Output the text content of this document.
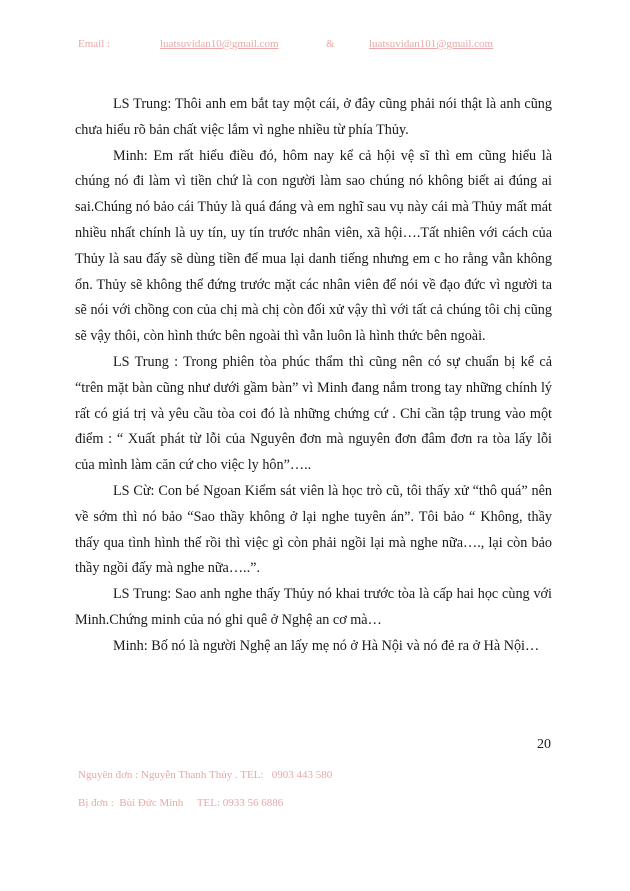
Email :	luatsuvidan10@gmail.com	&	luatsuvidan101@gmail.com

LS Trung: Thôi anh em bắt tay một cái, ở đây cũng phải nói thật là anh cũng chưa hiểu rõ bản chất việc lắm vì nghe nhiều từ phía Thủy.

Minh: Em rất hiểu điều đó, hôm nay kể cả hội vệ sĩ thì em cũng hiểu là chúng nó đi làm vì tiền chứ là con người làm sao chúng nó không biết ai đúng ai sai.Chúng nó bảo cái Thủy là quá đáng và em nghĩ sau vụ này cái mà Thủy mất mát nhiều nhất chính là uy tín, uy tín trước nhân viên, xã hội….Tất nhiên với cách của Thủy là sau đấy sẽ dùng tiền để mua lại danh tiếng nhưng em c ho rằng vẫn không ổn. Thủy sẽ không thể đứng trước mặt các nhân viên để nói về đạo đức vì người ta sẽ nói với chồng con của chị mà chị còn đối xử vậy thì với tất cả chúng tôi chị cũng sẽ vậy thôi, còn hình thức bên ngoài thì vẫn luôn là hình thức bên ngoài.

LS Trung : Trong phiên tòa phúc thẩm thì cũng nên có sự chuẩn bị kể cả “trên mặt bàn cũng như dưới gầm bàn” vì Minh đang nắm trong tay những chính lý rất có giá trị và yêu cầu tòa coi đó là những chứng cứ . Chỉ cần tập trung vào một điểm : “ Xuất phát từ lỗi của Nguyên đơn mà nguyên đơn đâm đơn ra tòa lấy lỗi của mình làm căn cứ cho việc ly hôn”…..

LS Cừ: Con bé Ngoan Kiểm sát viên là học trò cũ, tôi thấy xử “thô quá” nên về sớm thì nó bảo “Sao thầy không ở lại nghe tuyên án”. Tôi bảo “ Không, thầy thấy qua tình hình thế rồi thì việc gì còn phải ngồi lại mà nghe nữa…., lại còn bảo thầy ngồi đấy mà nghe nữa…..”.

LS Trung: Sao anh nghe thấy Thủy nó khai trước tòa là cấp hai học cùng với Minh.Chứng minh của nó ghi quê ở Nghệ an cơ mà…

Minh: Bố nó là người Nghệ an lấy mẹ nó ở Hà Nội và nó đẻ ra ở Hà Nội…

20
Nguyên đơn : Nguyễn Thanh Thủy . TEL:   0903 443 580
Bị đơn :  Bùi Đức Minh     TEL: 0933 56 6886
